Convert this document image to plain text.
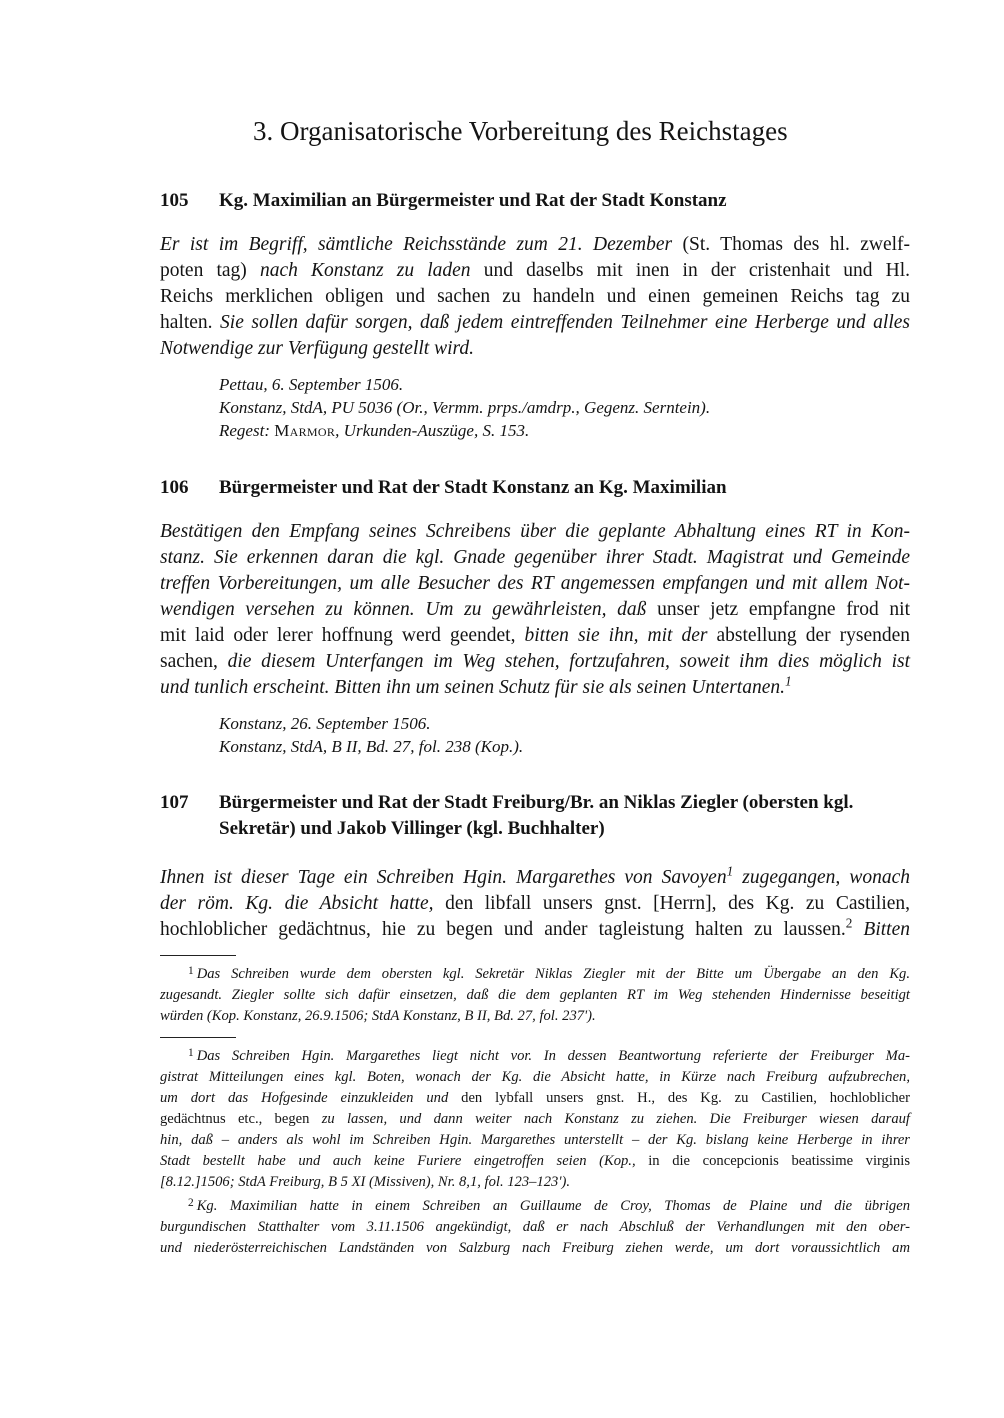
3. Organisatorische Vorbereitung des Reichstages
105 Kg. Maximilian an Bürgermeister und Rat der Stadt Konstanz
Er ist im Begriff, sämtliche Reichsstände zum 21. Dezember (St. Thomas des hl. zwelf-
poten tag) nach Konstanz zu laden und daselbs mit inen in der cristenhait und Hl.
Reichs merklichen obligen und sachen zu handeln und einen gemeinen Reichs tag zu
halten. Sie sollen dafür sorgen, daß jedem eintreffenden Teilnehmer eine Herberge und alles
Notwendige zur Verfügung gestellt wird.
Pettau, 6. September 1506.
Konstanz, StdA, PU 5036 (Or., Vermm. prps./amdrp., Gegenz. Serntein).
Regest: Marmor, Urkunden-Auszüge, S. 153.
106 Bürgermeister und Rat der Stadt Konstanz an Kg. Maximilian
Bestätigen den Empfang seines Schreibens über die geplante Abhaltung eines RT in Kon-
stanz. Sie erkennen daran die kgl. Gnade gegenüber ihrer Stadt. Magistrat und Gemeinde
treffen Vorbereitungen, um alle Besucher des RT angemessen empfangen und mit allem Not-
wendigen versehen zu können. Um zu gewährleisten, daß unser jetz empfangne frod nit
mit laid oder lerer hoffnung werd geendet, bitten sie ihn, mit der abstellung der rysenden
sachen, die diesem Unterfangen im Weg stehen, fortzufahren, soweit ihm dies möglich ist
und tunlich erscheint. Bitten ihn um seinen Schutz für sie als seinen Untertanen.$^1$
Konstanz, 26. September 1506.
Konstanz, StdA, B II, Bd. 27, fol. 238 (Kop.).
107 Bürgermeister und Rat der Stadt Freiburg/Br. an Niklas Ziegler (obersten kgl.
Sekretär) und Jakob Villinger (kgl. Buchhalter)
Ihnen ist dieser Tage ein Schreiben Hgin. Margarethes von Savoyen$^1$ zugegangen, wonach
der röm. Kg. die Absicht hatte, den libfall unsers gnst. [Herrn], des Kg. zu Castilien,
hochloblicher gedächtnus, hie zu begen und ander tagleistung halten zu laussen.$^2$ Bitten
$^1$ Das Schreiben wurde dem obersten kgl. Sekretär Niklas Ziegler mit der Bitte um Übergabe an den Kg.
zugesandt. Ziegler sollte sich dafür einsetzen, daß die dem geplanten RT im Weg stehenden Hindernisse beseitigt
würden (Kop. Konstanz, 26.9.1506; StdA Konstanz, B II, Bd. 27, fol. 237').
$^1$ Das Schreiben Hgin. Margarethes liegt nicht vor. In dessen Beantwortung referierte der Freiburger Ma-
gistrat Mitteilungen eines kgl. Boten, wonach der Kg. die Absicht hatte, in Kürze nach Freiburg aufzubrechen,
um dort das Hofgesinde einzukleiden und den lybfall unsers gnst. H., des Kg. zu Castilien, hochloblicher
gedächtnus etc., begen zu lassen, und dann weiter nach Konstanz zu ziehen. Die Freiburger wiesen darauf
hin, daß – anders als wohl im Schreiben Hgin. Margarethes unterstellt – der Kg. bislang keine Herberge in ihrer
Stadt bestellt habe und auch keine Furiere eingetroffen seien (Kop., in die concepcionis beatissime virginis
[8.12.]1506; StdA Freiburg, B 5 XI (Missiven), Nr. 8,1, fol. 123–123').
$^2$ Kg. Maximilian hatte in einem Schreiben an Guillaume de Croy, Thomas de Plaine und die übrigen
burgundischen Statthalter vom 3.11.1506 angekündigt, daß er nach Abschluß der Verhandlungen mit den ober-
und niederösterreichischen Landständen von Salzburg nach Freiburg ziehen werde, um dort voraussichtlich am
